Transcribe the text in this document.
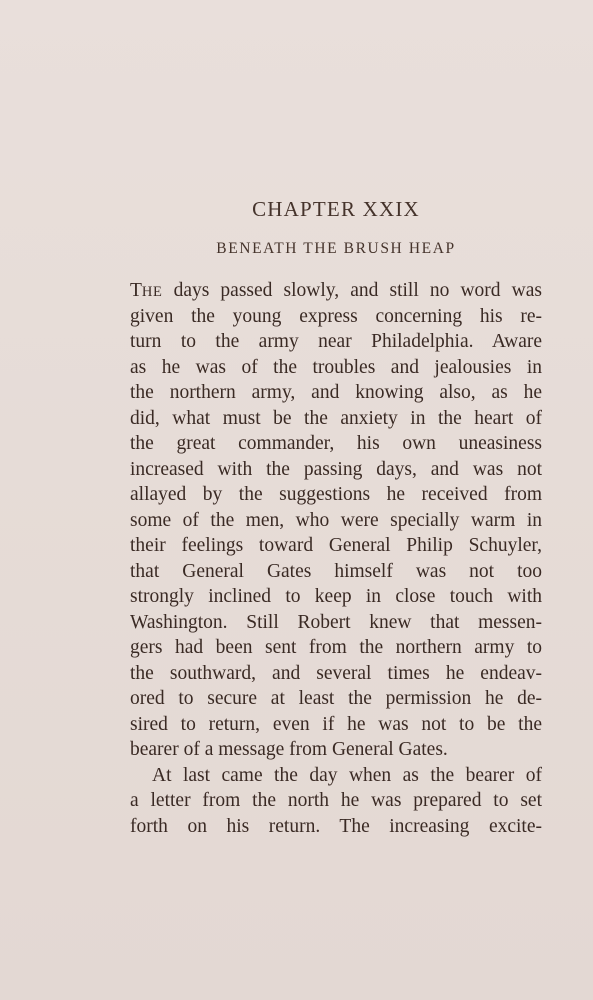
CHAPTER XXIX
BENEATH THE BRUSH HEAP
THE days passed slowly, and still no word was
given the young express concerning his re-
turn to the army near Philadelphia. Aware
as he was of the troubles and jealousies in
the northern army, and knowing also, as he
did, what must be the anxiety in the heart of
the great commander, his own uneasiness
increased with the passing days, and was not
allayed by the suggestions he received from
some of the men, who were specially warm in
their feelings toward General Philip Schuyler,
that General Gates himself was not too
strongly inclined to keep in close touch with
Washington. Still Robert knew that messen-
gers had been sent from the northern army to
the southward, and several times he endeav-
ored to secure at least the permission he de-
sired to return, even if he was not to be the
bearer of a message from General Gates.
At last came the day when as the bearer of
a letter from the north he was prepared to set
forth on his return. The increasing excite-
